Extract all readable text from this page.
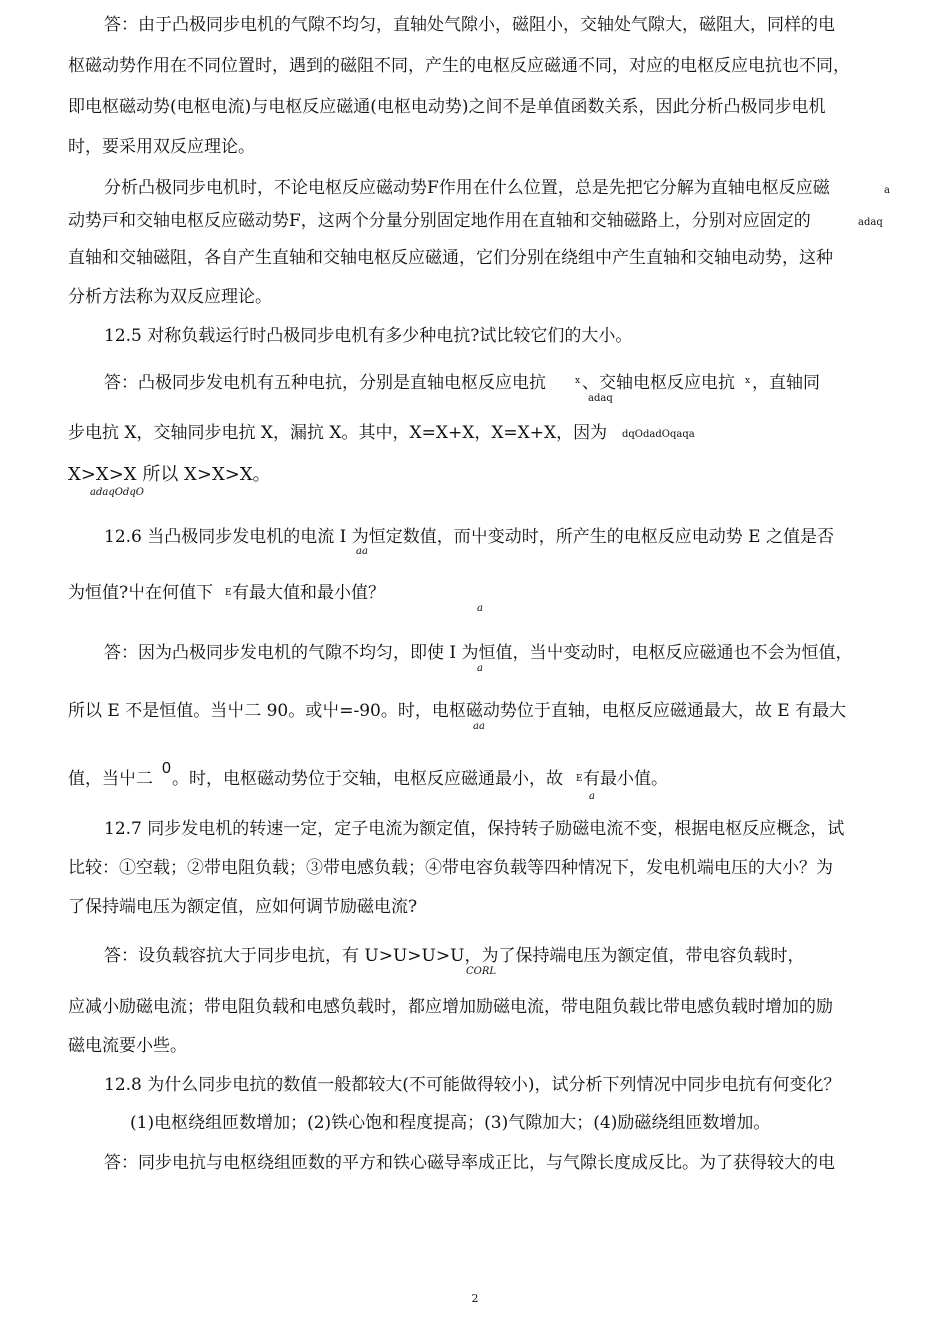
答：由于凸极同步电机的气隙不均匀，直轴处气隙小，磁阻小，交轴处气隙大，磁阻大，同样的电
枢磁动势作用在不同位置时，遇到的磁阻不同，产生的电枢反应磁通不同，对应的电枢反应电抗也不同，
即电枢磁动势(电枢电流)与电枢反应磁通(电枢电动势)之间不是单值函数关系，因此分析凸极同步电机
时，要采用双反应理论。
分析凸极同步电机时，不论电枢反应磁动势F作用在什么位置，总是先把它分解为直轴电枢反应磁	a
动势戸和交轴电枢反应磁动势F，这两个分量分别固定地作用在直轴和交轴磁路上，分别对应固定的	adaq
直轴和交轴磁阻，各自产生直轴和交轴电枢反应磁通，它们分别在绕组中产生直轴和交轴电动势，这种
分析方法称为双反应理论。
12.5 对称负载运行时凸极同步电机有多少种电抗?试比较它们的大小。
答：凸极同步发电机有五种电抗，分别是直轴电枢反应电抗	x 、交轴电枢反应电抗 x ，直轴同
adaq
步电抗 X，交轴同步电抗 X，漏抗 X。其中，X=X+X，X=X+X，因为 dqOdadOqaqa
X>X>X 所以 X>X>X。
adaqOdqO
12.6 当凸极同步发电机的电流 I 为恒定数值，而屮变动时，所产生的电枢反应电动势 E 之值是否
aa
为恒值?屮在何值下 E 有最大值和最小值？
a
答：因为凸极同步发电机的气隙不均匀，即使 I 为恒值，当屮变动时，电枢反应磁通也不会为恒值，
a
所以 E 不是恒值。当屮二 90。或屮=-90。时，电枢磁动势位于直轴，电枢反应磁通最大，故 E 有最大
aa
值，当屮二
0
。时，电枢磁动势位于交轴，电枢反应磁通最小，故 E 有最小值。
a
12.7 同步发电机的转速一定，定子电流为额定值，保持转子励磁电流不变，根据电枢反应概念，试
比较：①空载；②带电阻负载；③带电感负载；④带电容负载等四种情况下，发电机端电压的大小？为
了保持端电压为额定值，应如何调节励磁电流?
答：设负载容抗大于同步电抗，有 U>U>U>U，为了保持端电压为额定值，带电容负载时，
CORL
应减小励磁电流；带电阻负载和电感负载时，都应增加励磁电流，带电阻负载比带电感负载时增加的励
磁电流要小些。
12.8 为什么同步电抗的数值一般都较大(不可能做得较小)，试分析下列情况中同步电抗有何变化？
(1)电枢绕组匝数增加；(2)铁心饱和程度提高；(3)气隙加大；(4)励磁绕组匝数增加。
答：同步电抗与电枢绕组匝数的平方和铁心磁导率成正比，与气隙长度成反比。为了获得较大的电
2
